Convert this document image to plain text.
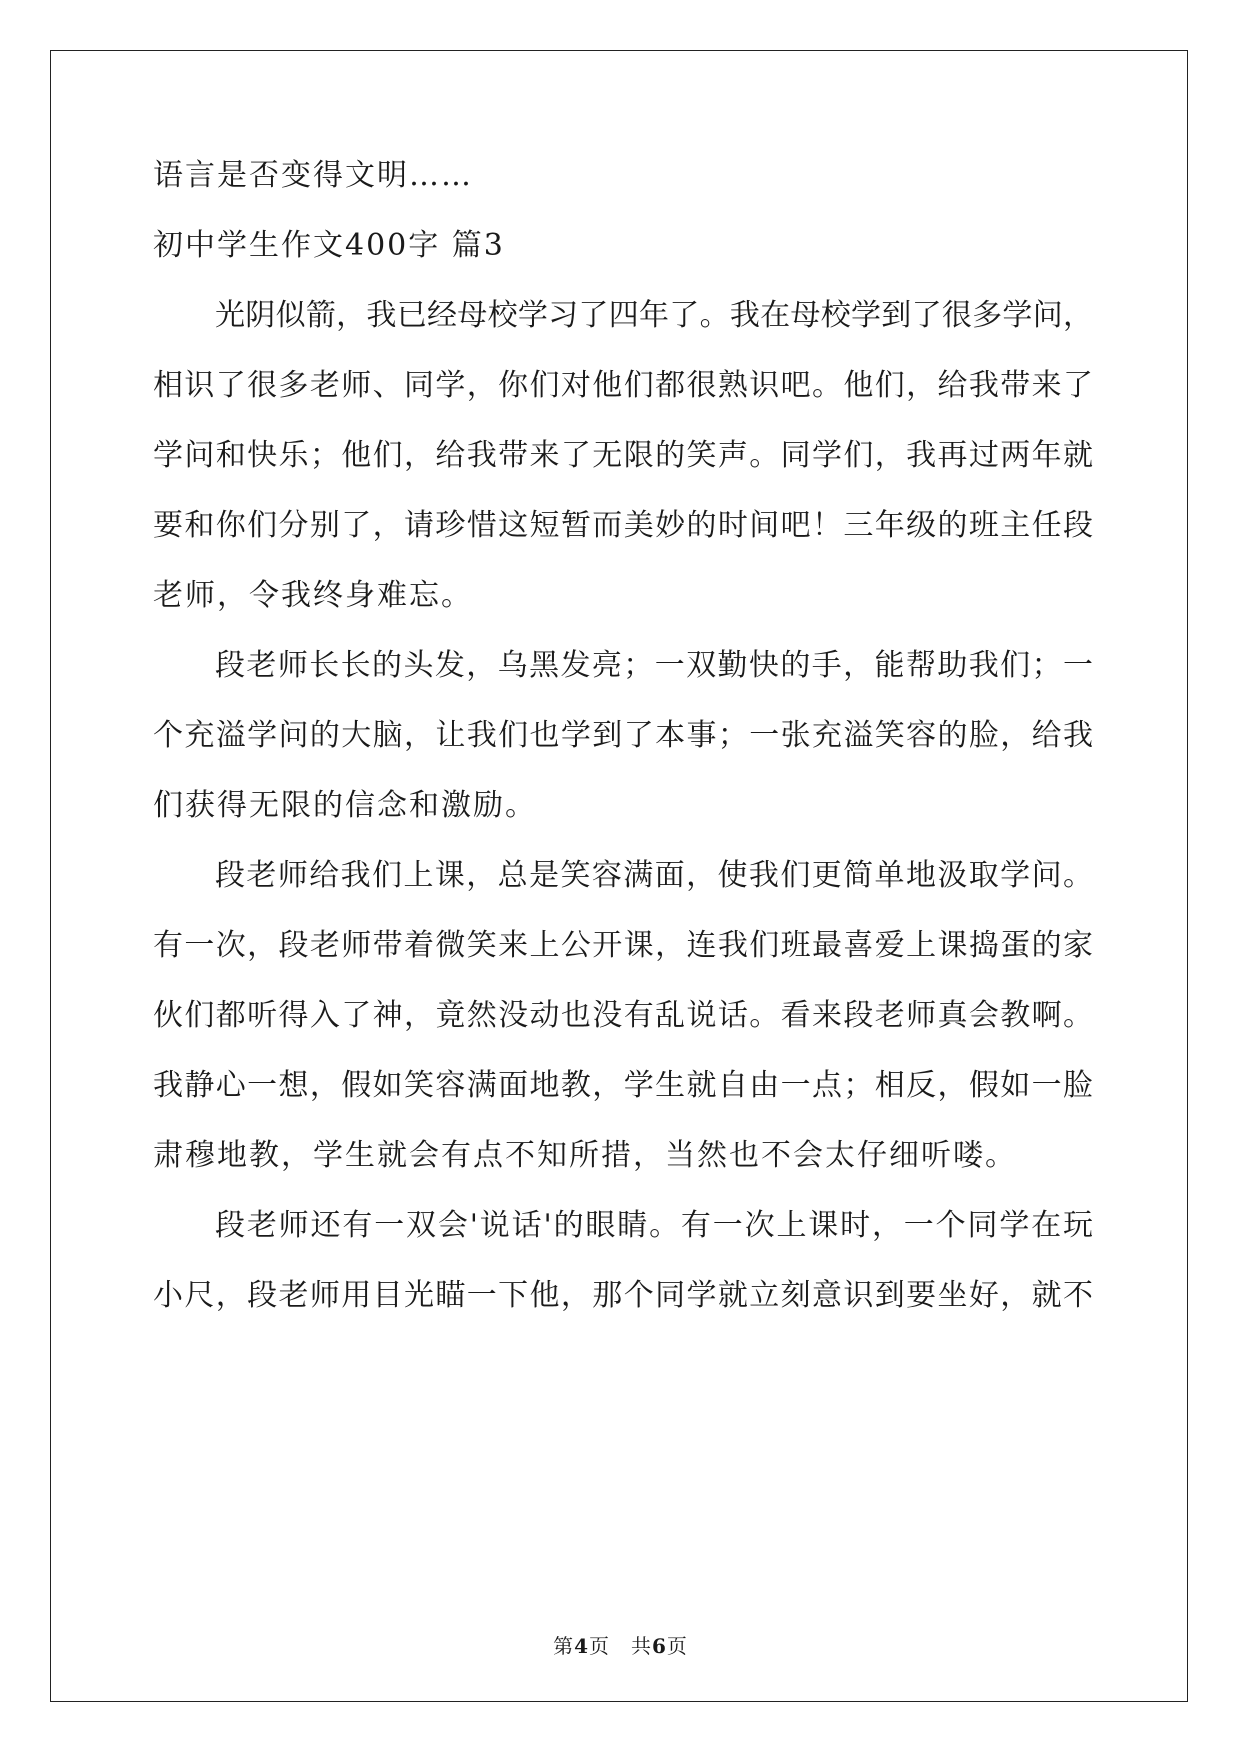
语言是否变得文明……
初中学生作文400字 篇3
光阴似箭，我已经母校学习了四年了。我在母校学到了很多学问，
相识了很多老师、同学，你们对他们都很熟识吧。他们，给我带来了
学问和快乐；他们，给我带来了无限的笑声。同学们，我再过两年就
要和你们分别了，请珍惜这短暂而美妙的时间吧！三年级的班主任段
老师，令我终身难忘。
段老师长长的头发，乌黑发亮；一双勤快的手，能帮助我们；一
个充溢学问的大脑，让我们也学到了本事；一张充溢笑容的脸，给我
们获得无限的信念和激励。
段老师给我们上课，总是笑容满面，使我们更简单地汲取学问。
有一次，段老师带着微笑来上公开课，连我们班最喜爱上课捣蛋的家
伙们都听得入了神，竟然没动也没有乱说话。看来段老师真会教啊。
我静心一想，假如笑容满面地教，学生就自由一点；相反，假如一脸
肃穆地教，学生就会有点不知所措，当然也不会太仔细听喽。
段老师还有一双会'说话'的眼睛。有一次上课时，一个同学在玩
小尺，段老师用目光瞄一下他，那个同学就立刻意识到要坐好，就不
第4页　共6页
